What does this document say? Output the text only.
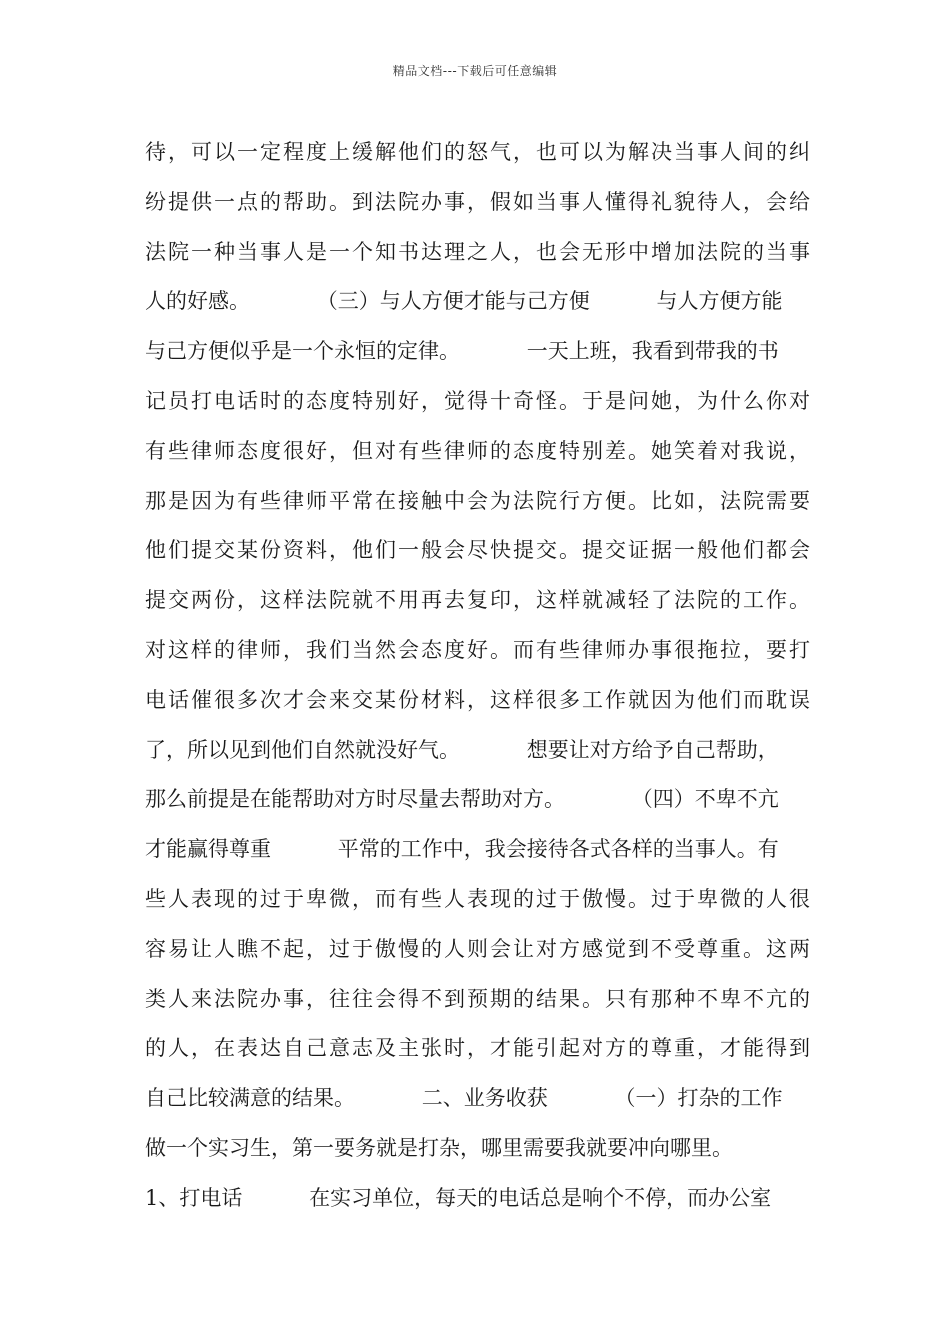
精品文档---下载后可任意编辑
待，可以一定程度上缓解他们的怒气，也可以为解决当事人间的纠
纷提供一点的帮助。到法院办事，假如当事人懂得礼貌待人，会给
法院一种当事人是一个知书达理之人，也会无形中增加法院的当事
人的好感。          （三）与人方便才能与己方便          与人方便方能
与己方便似乎是一个永恒的定律。          一天上班，我看到带我的书
记员打电话时的态度特别好，觉得十奇怪。于是问她，为什么你对
有些律师态度很好，但对有些律师的态度特别差。她笑着对我说，
那是因为有些律师平常在接触中会为法院行方便。比如，法院需要
他们提交某份资料，他们一般会尽快提交。提交证据一般他们都会
提交两份，这样法院就不用再去复印，这样就减轻了法院的工作。
对这样的律师，我们当然会态度好。而有些律师办事很拖拉，要打
电话催很多次才会来交某份材料，这样很多工作就因为他们而耽误
了，所以见到他们自然就没好气。          想要让对方给予自己帮助，
那么前提是在能帮助对方时尽量去帮助对方。          （四）不卑不亢
才能赢得尊重          平常的工作中，我会接待各式各样的当事人。有
些人表现的过于卑微，而有些人表现的过于傲慢。过于卑微的人很
容易让人瞧不起，过于傲慢的人则会让对方感觉到不受尊重。这两
类人来法院办事，往往会得不到预期的结果。只有那种不卑不亢的
的人，在表达自己意志及主张时，才能引起对方的尊重，才能得到
自己比较满意的结果。          二、业务收获          （一）打杂的工作
做一个实习生，第一要务就是打杂，哪里需要我就要冲向哪里。
1、打电话          在实习单位，每天的电话总是响个不停，而办公室
